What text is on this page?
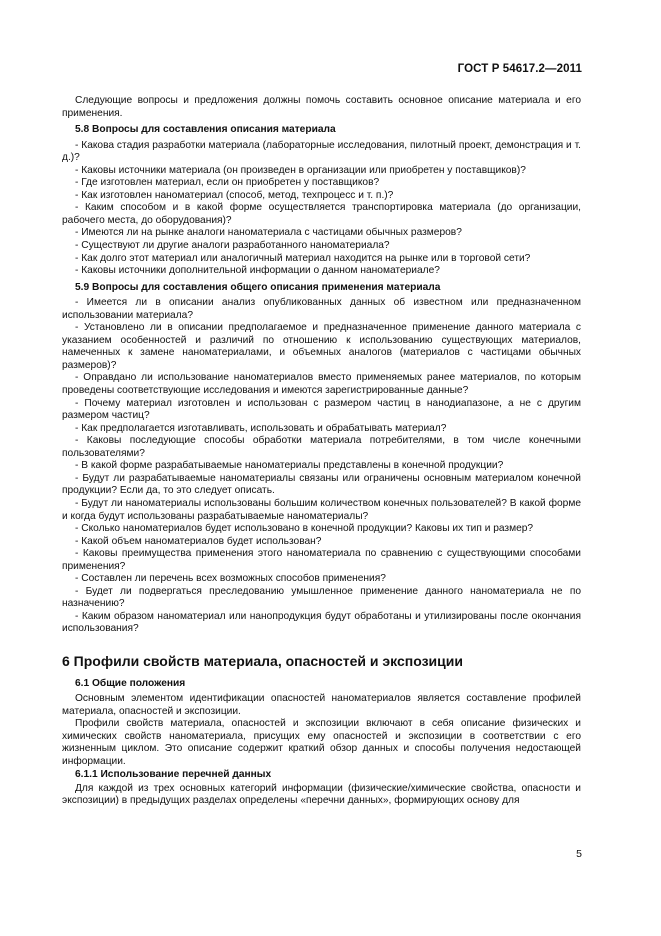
ГОСТ Р 54617.2—2011

Следующие вопросы и предложения должны помочь составить основное описание материала и его применения.

5.8 Вопросы для составления описания материала

- Какова стадия разработки материала (лабораторные исследования, пилотный проект, демонстрация и т. д.)?

- Каковы источники материала (он произведен в организации или приобретен у поставщиков)?

- Где изготовлен материал, если он приобретен у поставщиков?

- Как изготовлен наноматериал (способ, метод, техпроцесс и т. п.)?

- Каким способом и в какой форме осуществляется транспортировка материала (до организации, рабочего места, до оборудования)?

- Имеются ли на рынке аналоги наноматериала с частицами обычных размеров?

- Существуют ли другие аналоги разработанного наноматериала?

- Как долго этот материал или аналогичный материал находится на рынке или в торговой сети?

- Каковы источники дополнительной информации о данном наноматериале?

5.9 Вопросы для составления общего описания применения материала

- Имеется ли в описании анализ опубликованных данных об известном или предназначенном использовании материала?

- Установлено ли в описании предполагаемое и предназначенное применение данного материала с указанием особенностей и различий по отношению к использованию существующих материалов, намеченных к замене наноматериалами, и объемных аналогов (материалов с частицами обычных размеров)?

- Оправдано ли использование наноматериалов вместо применяемых ранее материалов, по которым проведены соответствующие исследования и имеются зарегистрированные данные?

- Почему материал изготовлен и использован с размером частиц в нанодиапазоне, а не с другим размером частиц?

- Как предполагается изготавливать, использовать и обрабатывать материал?

- Каковы последующие способы обработки материала потребителями, в том числе конечными пользователями?

- В какой форме разрабатываемые наноматериалы представлены в конечной продукции?

- Будут ли разрабатываемые наноматериалы связаны или ограничены основным материалом конечной продукции? Если да, то это следует описать.

- Будут ли наноматериалы использованы большим количеством конечных пользователей? В какой форме и когда будут использованы разрабатываемые наноматериалы?

- Сколько наноматериалов будет использовано в конечной продукции? Каковы их тип и размер?

- Какой объем наноматериалов будет использован?

- Каковы преимущества применения этого наноматериала по сравнению с существующими способами применения?

- Составлен ли перечень всех возможных способов применения?

- Будет ли подвергаться преследованию умышленное применение данного наноматериала не по назначению?

- Каким образом наноматериал или нанопродукция будут обработаны и утилизированы после окончания использования?

6 Профили свойств материала, опасностей и экспозиции

6.1 Общие положения

Основным элементом идентификации опасностей наноматериалов является составление профилей материала, опасностей и экспозиции.

Профили свойств материала, опасностей и экспозиции включают в себя описание физических и химических свойств наноматериала, присущих ему опасностей и экспозиции в соответствии с его жизненным циклом. Это описание содержит краткий обзор данных и способы получения недостающей информации.

6.1.1 Использование перечней данных

Для каждой из трех основных категорий информации (физические/химические свойства, опасности и экспозиции) в предыдущих разделах определены «перечни данных», формирующих основу для

5
